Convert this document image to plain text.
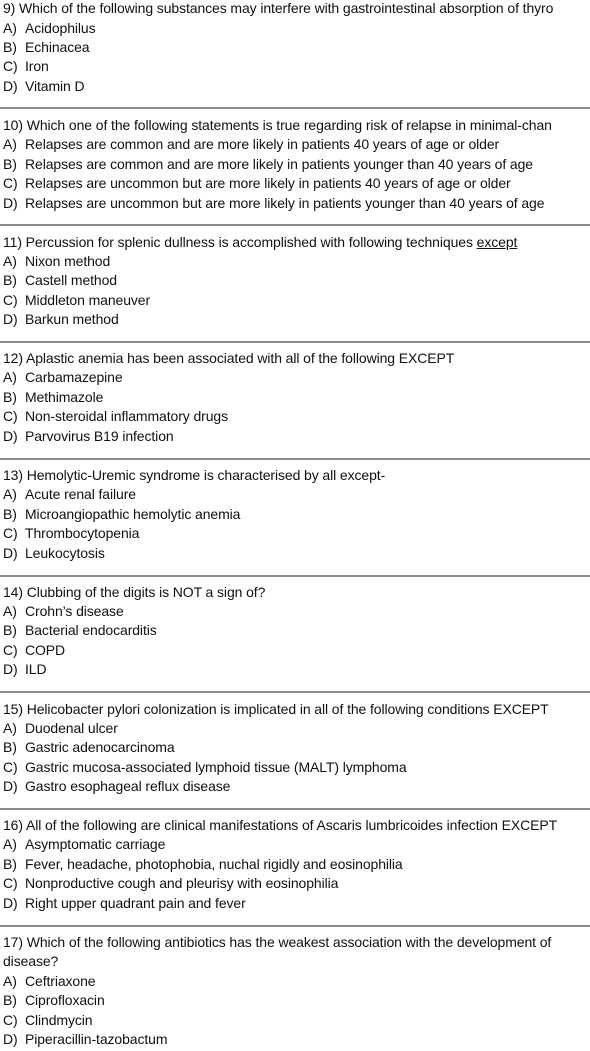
9) Which of the following substances may interfere with gastrointestinal absorption of thyro
A) Acidophilus
B) Echinacea
C) Iron
D) Vitamin D
10) Which one of the following statements is true regarding risk of relapse in minimal-chan
A) Relapses are common and are more likely in patients 40 years of age or older
B) Relapses are common and are more likely in patients younger than 40 years of age
C) Relapses are uncommon but are more likely in patients 40 years of age or older
D) Relapses are uncommon but are more likely in patients younger than 40 years of age
11) Percussion for splenic dullness is accomplished with following techniques except
A) Nixon method
B) Castell method
C) Middleton maneuver
D) Barkun method
12) Aplastic anemia has been associated with all of the following EXCEPT
A) Carbamazepine
B) Methimazole
C) Non-steroidal inflammatory drugs
D) Parvovirus B19 infection
13) Hemolytic-Uremic syndrome is characterised by all except-
A) Acute renal failure
B) Microangiopathic hemolytic anemia
C) Thrombocytopenia
D) Leukocytosis
14) Clubbing of the digits is NOT a sign of?
A) Crohn’s disease
B) Bacterial endocarditis
C) COPD
D) ILD
15) Helicobacter pylori colonization is implicated in all of the following conditions EXCEPT
A) Duodenal ulcer
B) Gastric adenocarcinoma
C) Gastric mucosa-associated lymphoid tissue (MALT) lymphoma
D) Gastro esophageal reflux disease
16) All of the following are clinical manifestations of Ascaris lumbricoides infection EXCEPT
A) Asymptomatic carriage
B) Fever, headache, photophobia, nuchal rigidly and eosinophilia
C) Nonproductive cough and pleurisy with eosinophilia
D) Right upper quadrant pain and fever
17) Which of the following antibiotics has the weakest association with the development of
disease?
A) Ceftriaxone
B) Ciprofloxacin
C) Clindmycin
D) Piperacillin-tazobactum
